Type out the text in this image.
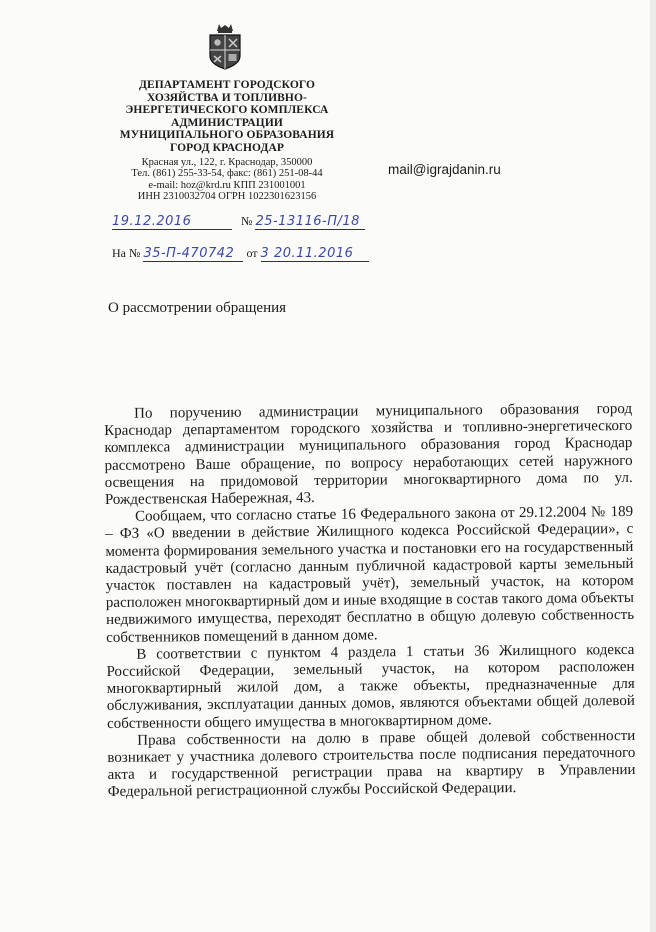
ДЕПАРТАМЕНТ ГОРОДСКОГО
ХОЗЯЙСТВА И ТОПЛИВНО-
ЭНЕРГЕТИЧЕСКОГО КОМПЛЕКСА
АДМИНИСТРАЦИИ
МУНИЦИПАЛЬНОГО ОБРАЗОВАНИЯ
ГОРОД КРАСНОДАР
Красная ул., 122, г. Краснодар, 350000
Тел. (861) 255-33-54, факс: (861) 251-08-44
e-mail: hoz@krd.ru КПП 231001001
ИНН 2310032704 ОГРН 1022301623156
mail@igrajdanin.ru
19.12.2016	№ 25-13116-П/18
На № 35-П-470742 от 3 20.11.2016
О рассмотрении обращения

По поручению администрации муниципального образования город Краснодар департаментом городского хозяйства и топливно-энергетического комплекса администрации муниципального образования город Краснодар рассмотрено Ваше обращение, по вопросу неработающих сетей наружного освещения на придомовой территории многоквартирного дома по ул. Рождественская Набережная, 43.

Сообщаем, что согласно статье 16 Федерального закона от 29.12.2004 № 189 – ФЗ «О введении в действие Жилищного кодекса Российской Федерации», с момента формирования земельного участка и постановки его на государственный кадастровый учёт (согласно данным публичной кадастровой карты земельный участок поставлен на кадастровый учёт), земельный участок, на котором расположен многоквартирный дом и иные входящие в состав такого дома объекты недвижимого имущества, переходят бесплатно в общую долевую собственность собственников помещений в данном доме.

В соответствии с пунктом 4 раздела 1 статьи 36 Жилищного кодекса Российской Федерации, земельный участок, на котором расположен многоквартирный жилой дом, а также объекты, предназначенные для обслуживания, эксплуатации данных домов, являются объектами общей долевой собственности общего имущества в многоквартирном доме.

Права собственности на долю в праве общей долевой собственности возникает у участника долевого строительства после подписания передаточного акта и государственной регистрации права на квартиру в Управлении Федеральной регистрационной службы Российской Федерации.
